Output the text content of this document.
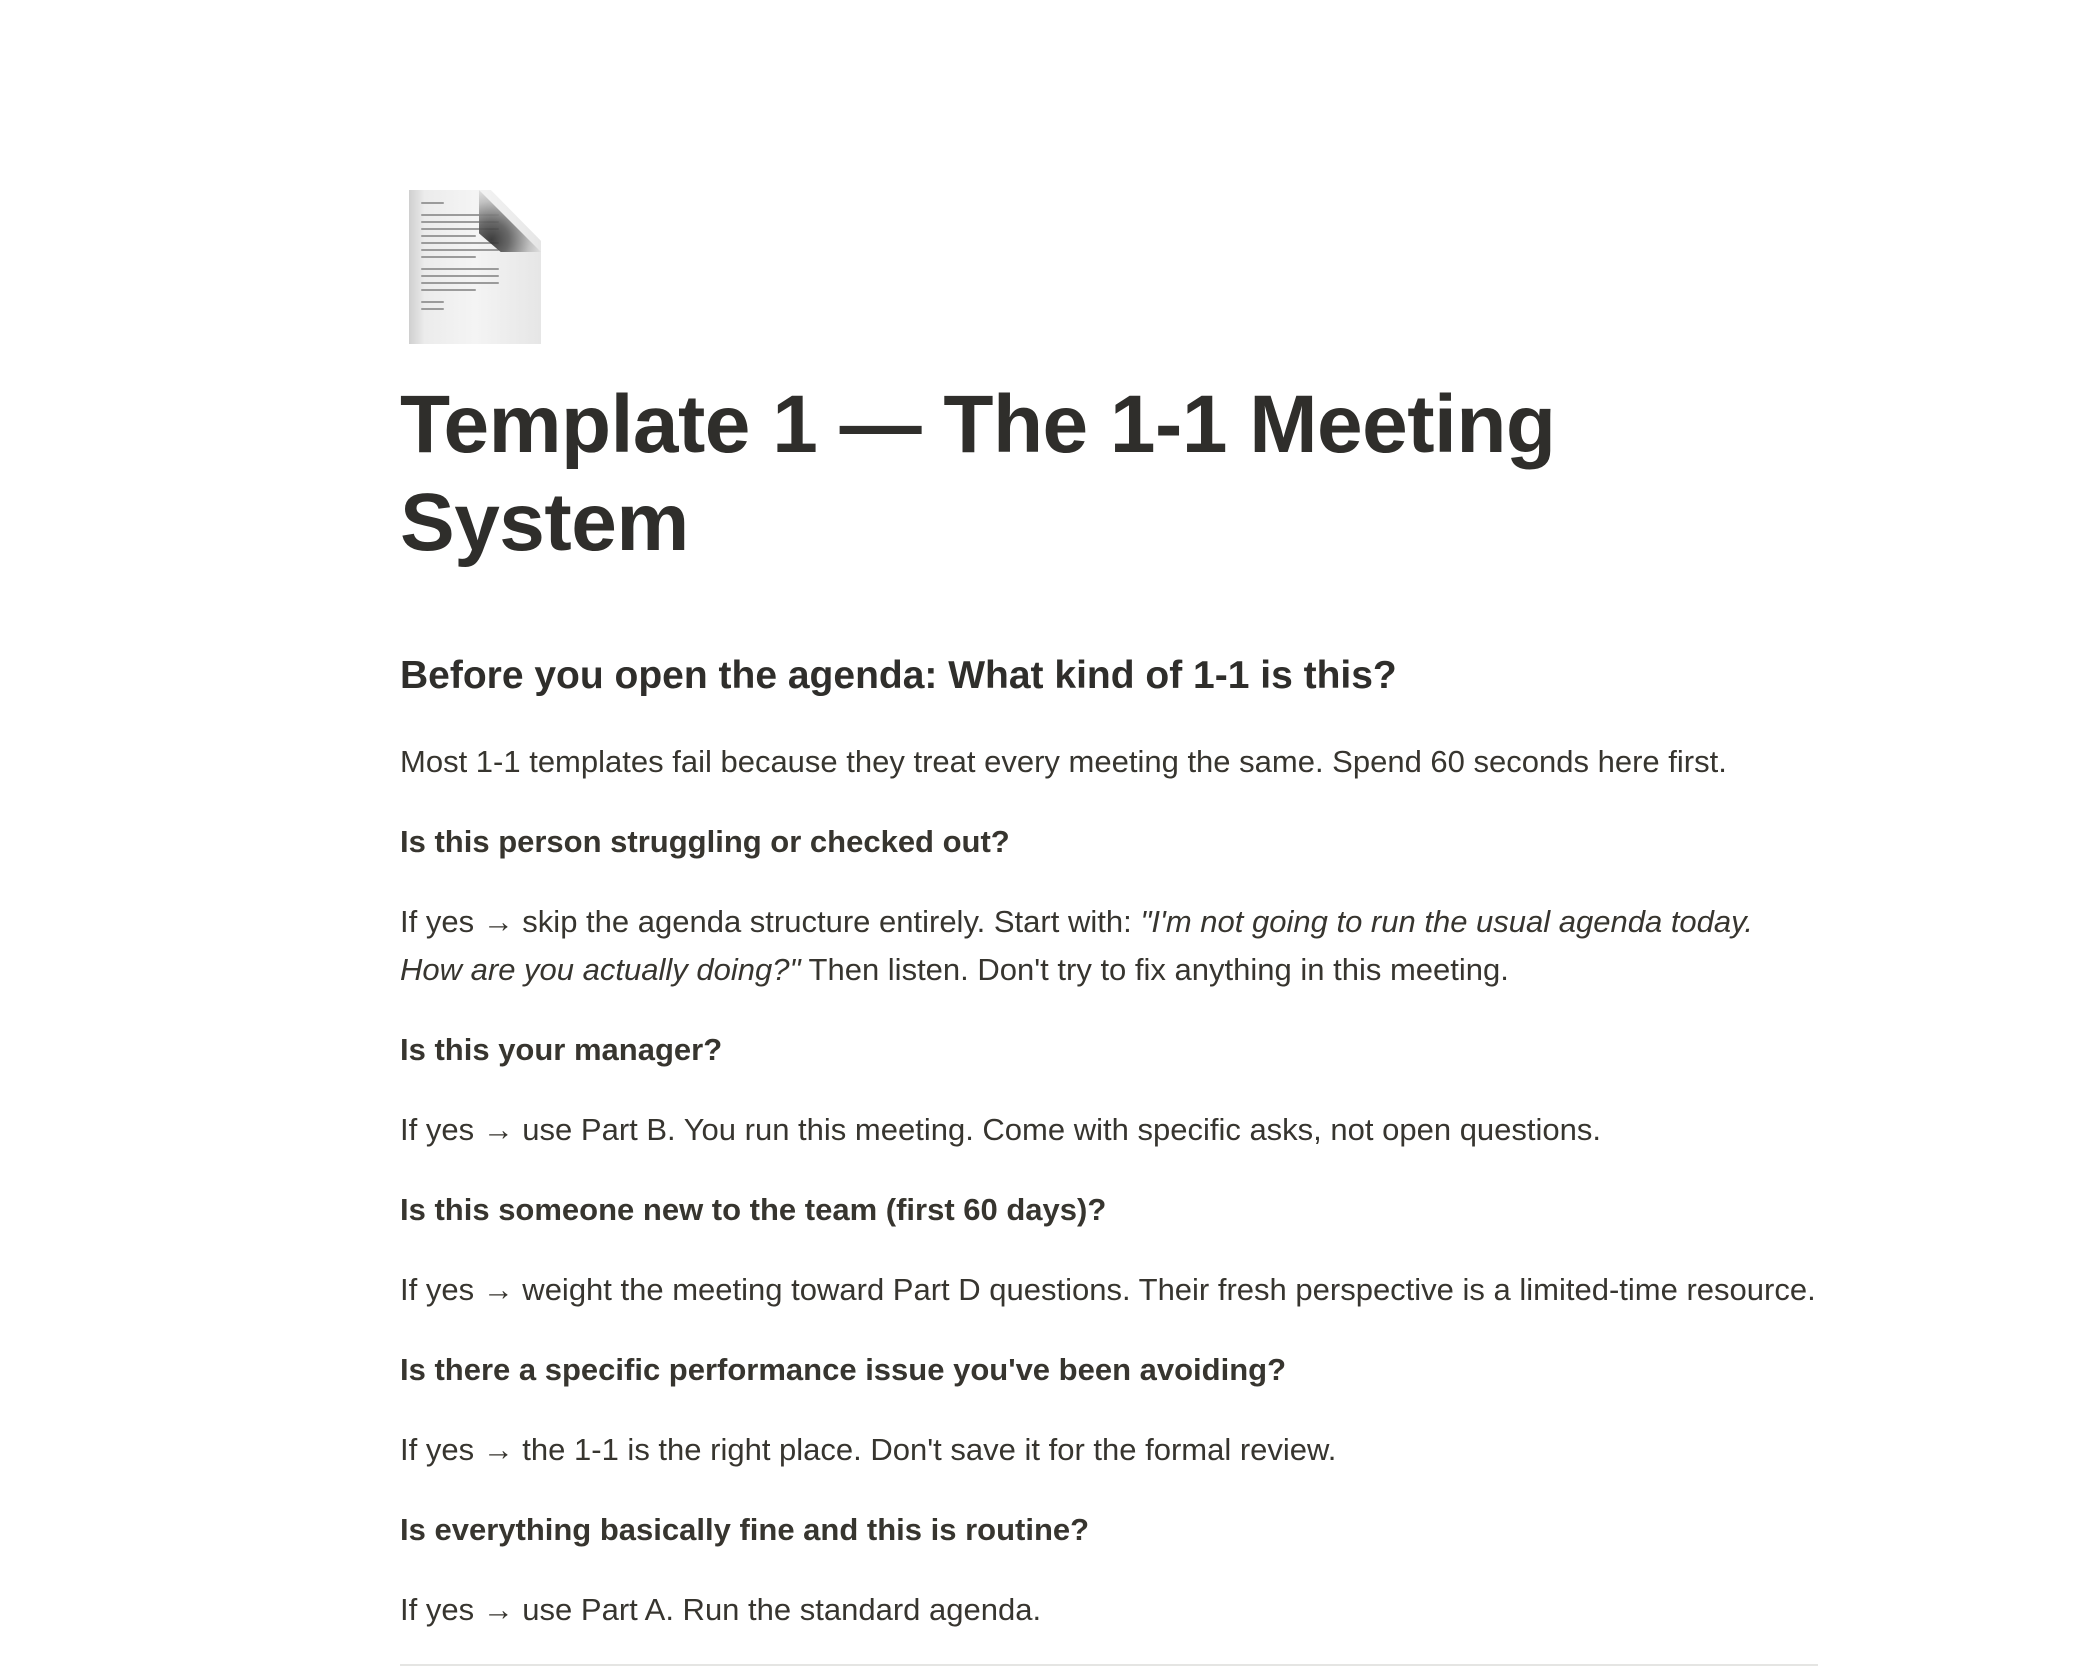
Template 1 — The 1-1 Meeting System
Before you open the agenda: What kind of 1-1 is this?

Most 1-1 templates fail because they treat every meeting the same. Spend 60 seconds here first.

Is this person struggling or checked out?

If yes → skip the agenda structure entirely. Start with: "I'm not going to run the usual agenda today. How are you actually doing?" Then listen. Don't try to fix anything in this meeting.

Is this your manager?

If yes → use Part B. You run this meeting. Come with specific asks, not open questions.

Is this someone new to the team (first 60 days)?

If yes → weight the meeting toward Part D questions. Their fresh perspective is a limited-time resource.

Is there a specific performance issue you've been avoiding?

If yes → the 1-1 is the right place. Don't save it for the formal review.

Is everything basically fine and this is routine?

If yes → use Part A. Run the standard agenda.
